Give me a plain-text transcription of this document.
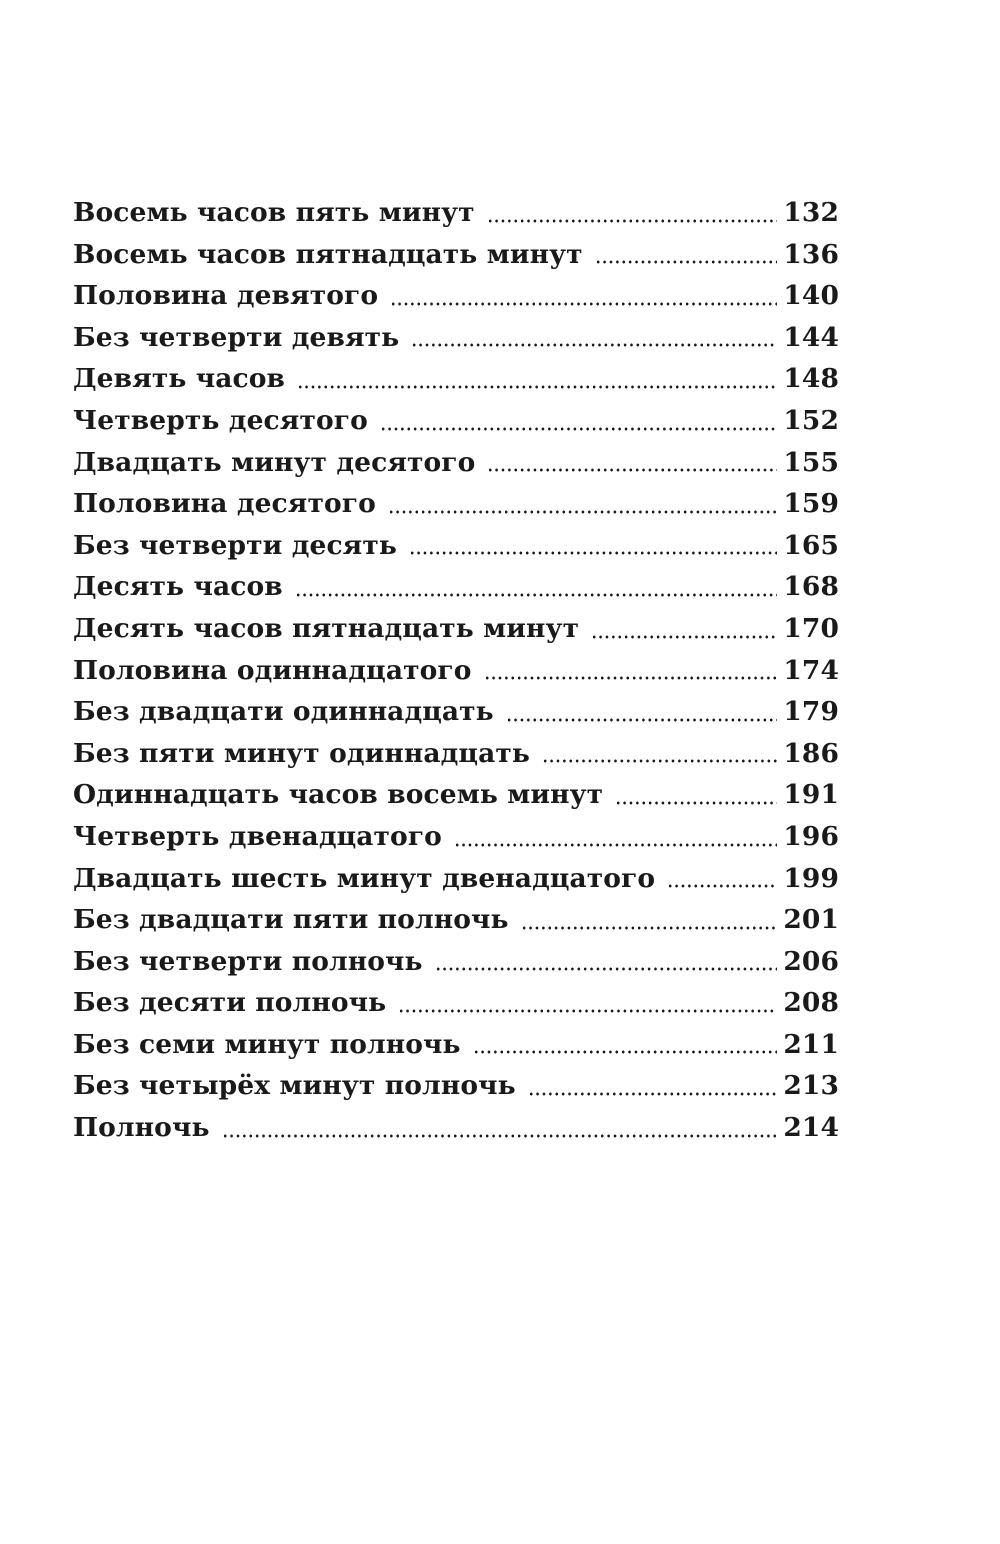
Восемь часов пять минут	132
Восемь часов пятнадцать минут	136
Половина девятого	140
Без четверти девять	144
Девять часов	148
Четверть десятого	152
Двадцать минут десятого	155
Половина десятого	159
Без четверти десять	165
Десять часов	168
Десять часов пятнадцать минут	170
Половина одиннадцатого	174
Без двадцати одиннадцать	179
Без пяти минут одиннадцать	186
Одиннадцать часов восемь минут	191
Четверть двенадцатого	196
Двадцать шесть минут двенадцатого	199
Без двадцати пяти полночь	201
Без четверти полночь	206
Без десяти полночь	208
Без семи минут полночь	211
Без четырёх минут полночь	213
Полночь	214
